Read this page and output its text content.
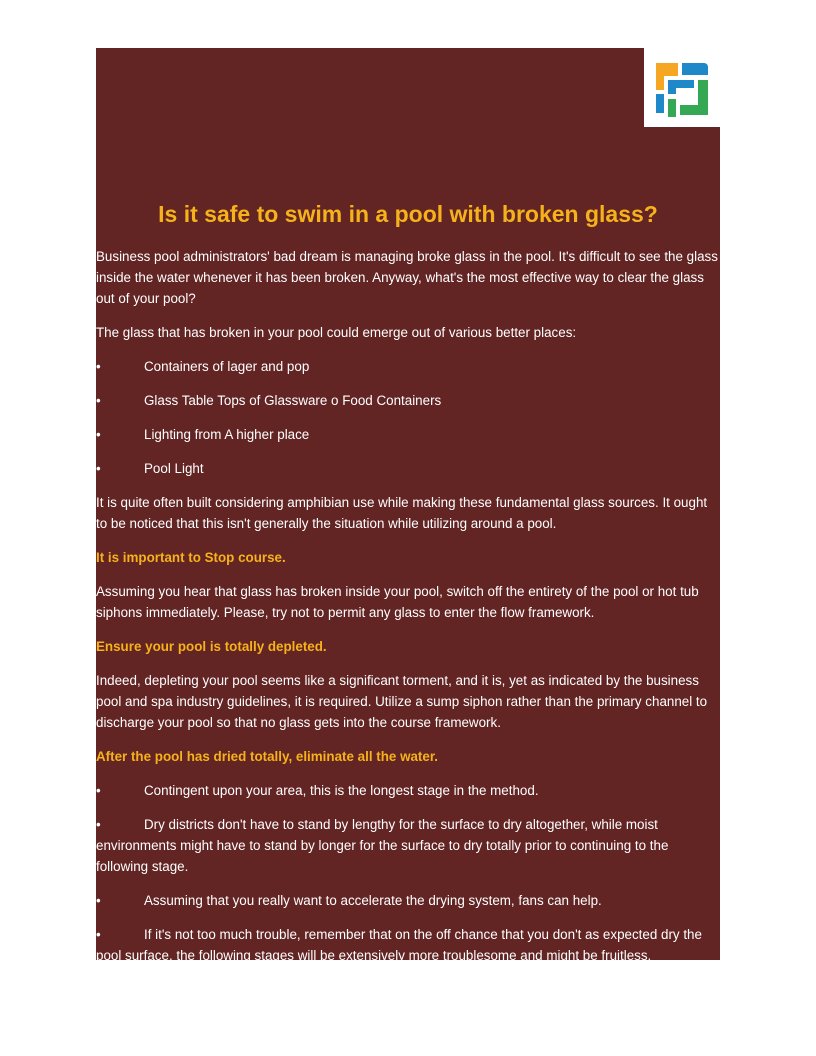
Is it safe to swim in a pool with broken glass?

Business pool administrators' bad dream is managing broke glass in the pool. It's difficult to see the glass inside the water whenever it has been broken. Anyway, what's the most effective way to clear the glass out of your pool?

The glass that has broken in your pool could emerge out of various better places:

•	Containers of lager and pop

•	Glass Table Tops of Glassware o Food Containers

•	Lighting from A higher place

•	Pool Light

It is quite often built considering amphibian use while making these fundamental glass sources. It ought to be noticed that this isn't generally the situation while utilizing around a pool.

It is important to Stop course.

Assuming you hear that glass has broken inside your pool, switch off the entirety of the pool or hot tub siphons immediately. Please, try not to permit any glass to enter the flow framework.

Ensure your pool is totally depleted.

Indeed, depleting your pool seems like a significant torment, and it is, yet as indicated by the business pool and spa industry guidelines, it is required. Utilize a sump siphon rather than the primary channel to discharge your pool so that no glass gets into the course framework.

After the pool has dried totally, eliminate all the water.

•	Contingent upon your area, this is the longest stage in the method.

•	Dry districts don't have to stand by lengthy for the surface to dry altogether, while moist environments might have to stand by longer for the surface to dry totally prior to continuing to the following stage.

•	Assuming that you really want to accelerate the drying system, fans can help.

•	If it's not too much trouble, remember that on the off chance that you don't as expected dry the pool surface, the following stages will be extensively more troublesome and might be fruitless.
